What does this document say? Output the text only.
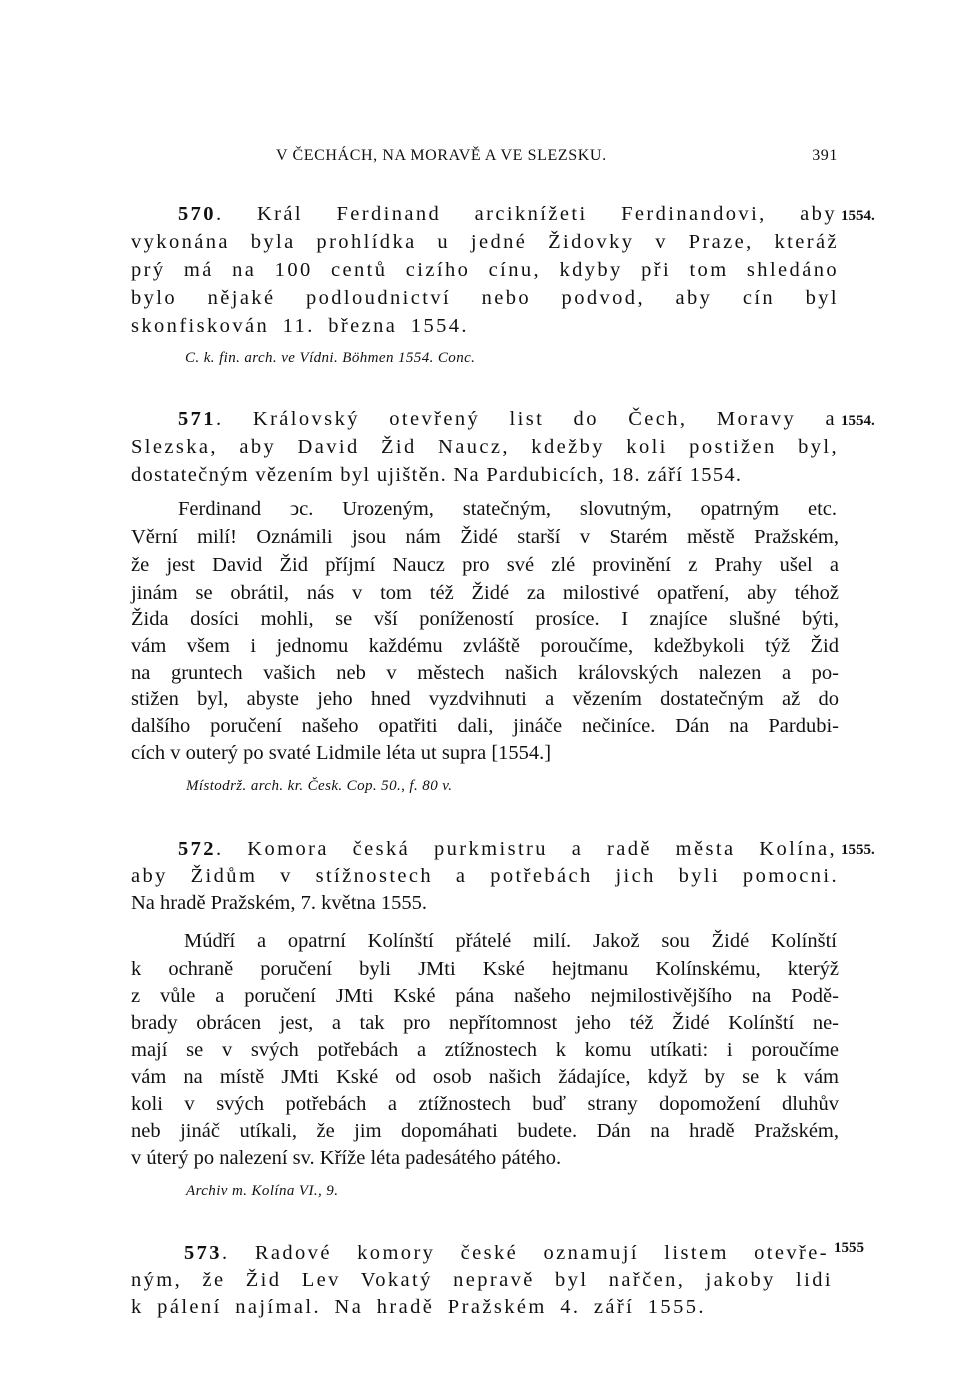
V ČECHÁCH, NA MORAVĚ A VE SLEZSKU.	391
570. Král Ferdinand arciknížeti Ferdinandovi, aby 1554.
vykonána byla prohlídka u jedné Židovky v Praze, kteráž
prý má na 100 centů cizího cínu, kdyby při tom shledáno
bylo nějaké podloudnictví nebo podvod, aby cín byl
skonfiskován 11. března 1554.
C. k. fin. arch. ve Vídni. Böhmen 1554. Conc.
571. Královský otevřený list do Čech, Moravy a 1554.
Slezska, aby David Žid Naucz, kdežby koli postižen byl,
dostatečným vězením byl ujištěn. Na Pardubicích, 18. září 1554.
Ferdinand ͻc. Urozeným, statečným, slovutným, opatrným etc.
Věrní milí! Oznámili jsou nám Židé starší v Starém městě Pražském,
že jest David Žid příjmí Naucz pro své zlé provinění z Prahy ušel a
jinám se obrátil, nás v tom též Židé za milostivé opatření, aby téhož
Žida dosíci mohli, se vší ponížeností prosíce. I znajíce slušné býti,
vám všem i jednomu každému zvláště poroučíme, kdežbykoli týž Žid
na gruntech vašich neb v městech našich královských nalezen a po-
stižen byl, abyste jeho hned vyzdvihnuti a vězením dostatečným až do
dalšího poručení našeho opatřiti dali, jináče nečiníce. Dán na Pardubi-
cích v outerý po svaté Lidmile léta ut supra [1554.]
Místodrž. arch. kr. Česk. Cop. 50., f. 80 v.
572. Komora česká purkmistru a radě města Kolína, 1555.
aby Židům v stížnostech a potřebách jich byli pomocni.
Na hradě Pražském, 7. května 1555.
Múdří a opatrní Kolínští přátelé milí. Jakož sou Židé Kolínští
k ochraně poručení byli JMti Kské hejtmanu Kolínskému, kterýž
z vůle a poručení JMti Kské pána našeho nejmilostivějšího na Podě-
brady obrácen jest, a tak pro nepřítomnost jeho též Židé Kolínští ne-
mají se v svých potřebách a ztížnostech k komu utíkati: i poroučíme
vám na místě JMti Kské od osob našich žádajíce, když by se k vám
koli v svých potřebách a ztížnostech buď strany dopomožení dluhův
neb jináč utíkali, že jim dopomáhati budete. Dán na hradě Pražském,
v úterý po nalezení sv. Kříže léta padesátého pátého.
Archiv m. Kolína VI., 9.
573. Radové komory české oznamují listem otevře- 1555
ným, že Žid Lev Vokatý nepravě byl nařčen, jakoby lidi
k pálení najímal. Na hradě Pražském 4. září 1555.
